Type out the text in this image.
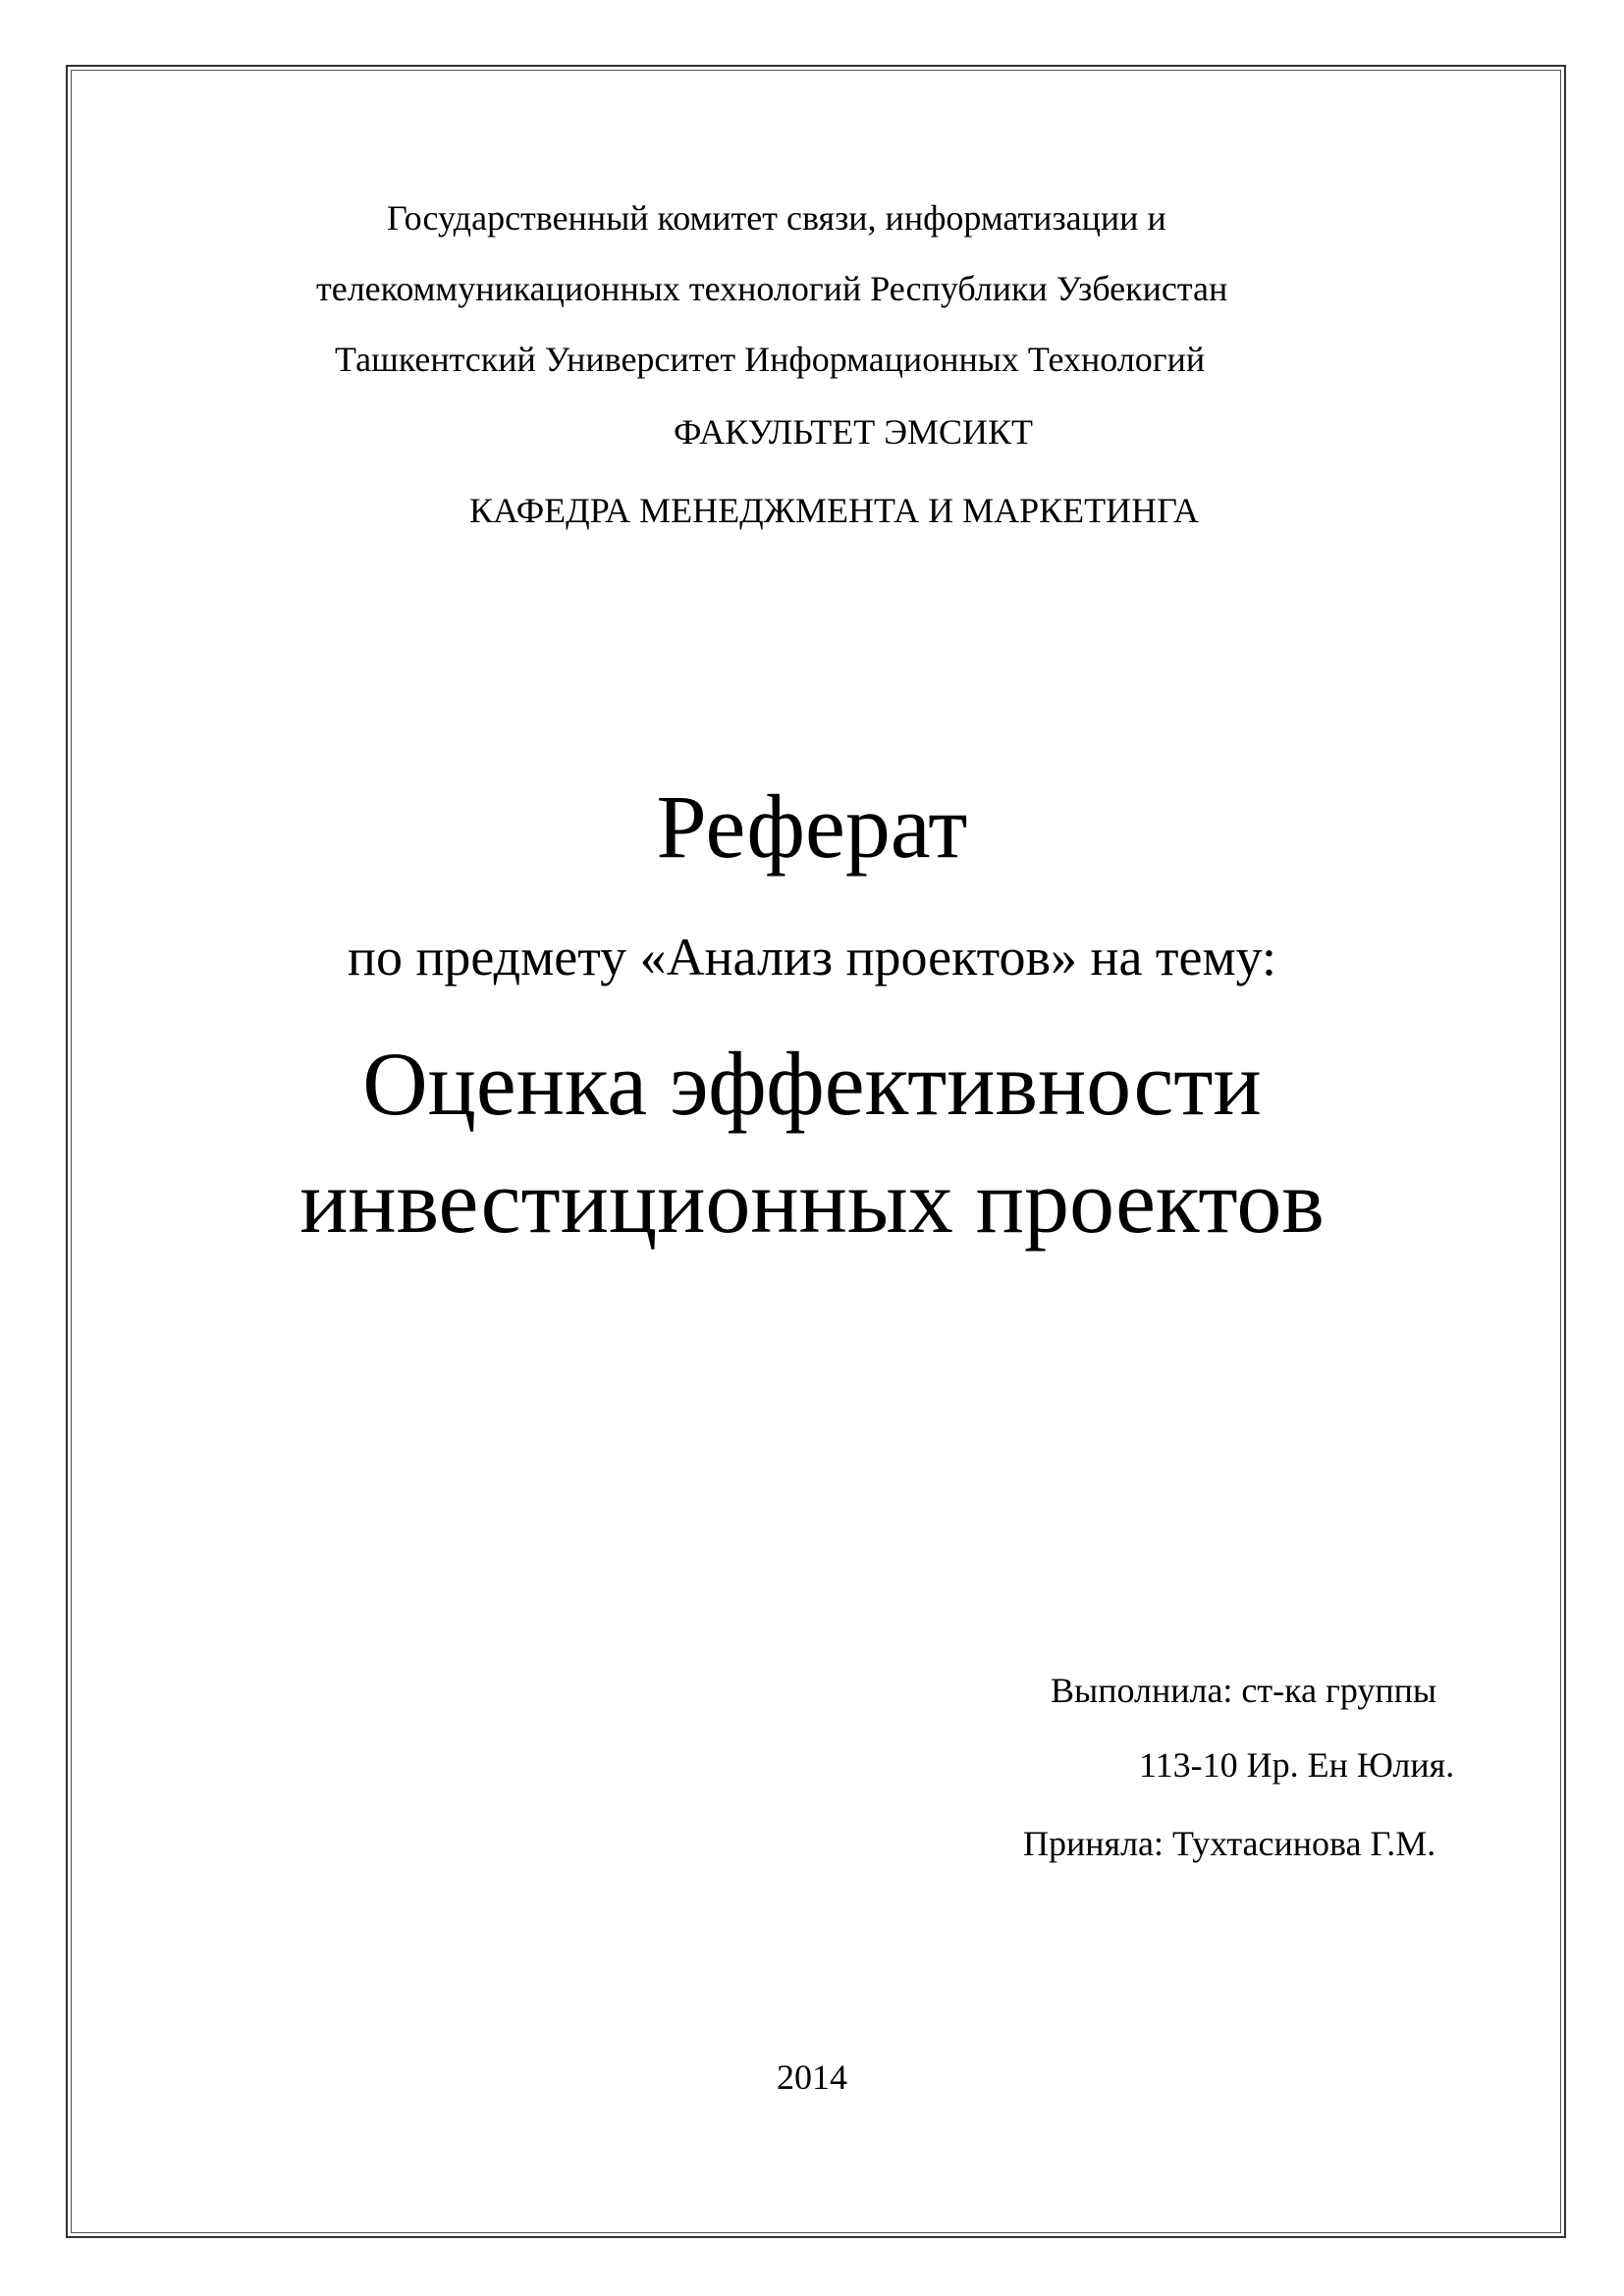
Государственный комитет связи, информатизации и
телекоммуникационных технологий Республики Узбекистан
Ташкентский Университет Информационных Технологий
ФАКУЛЬТЕТ ЭМСИКТ
КАФЕДРА МЕНЕДЖМЕНТА И МАРКЕТИНГА
Реферат
по предмету «Анализ проектов» на тему:
Оценка эффективности
инвестиционных проектов
Выполнила: ст-ка группы
113-10 Ир. Ен Юлия.
Приняла: Тухтасинова Г.М.
2014
